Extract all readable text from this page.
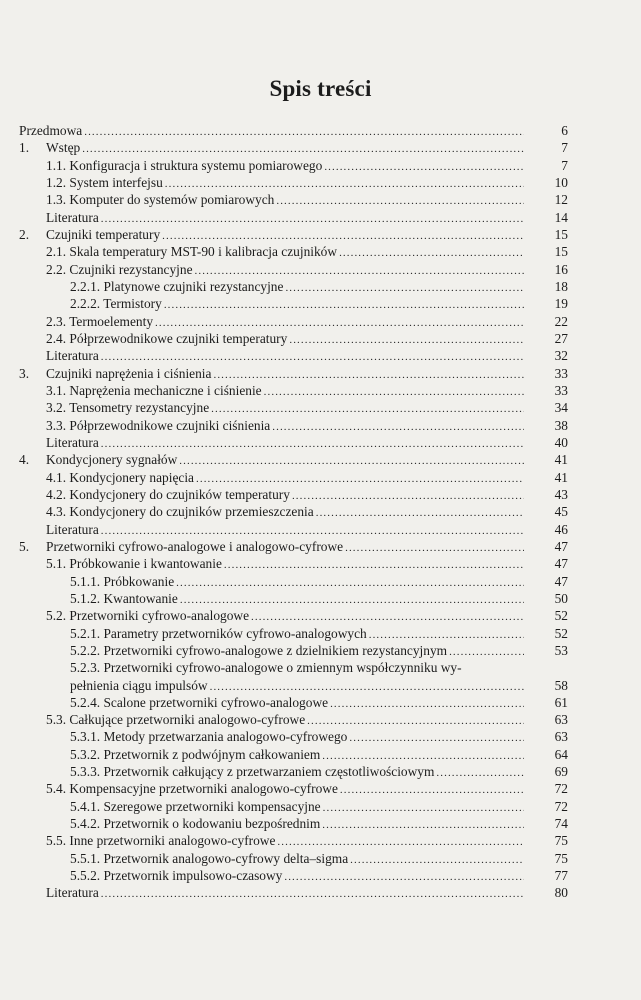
Spis treści
Przedmowa .....	6
1. Wstęp .....	7
1.1. Konfiguracja i struktura systemu pomiarowego .....	7
1.2. System interfejsu .....	10
1.3. Komputer do systemów pomiarowych .....	12
Literatura .....	14
2. Czujniki temperatury .....	15
2.1. Skala temperatury MST-90 i kalibracja czujników .....	15
2.2. Czujniki rezystancyjne .....	16
2.2.1. Platynowe czujniki rezystancyjne .....	18
2.2.2. Termistory .....	19
2.3. Termoelementy .....	22
2.4. Półprzewodnikowe czujniki temperatury .....	27
Literatura .....	32
3. Czujniki naprężenia i ciśnienia .....	33
3.1. Naprężenia mechaniczne i ciśnienie .....	33
3.2. Tensometry rezystancyjne .....	34
3.3. Półprzewodnikowe czujniki ciśnienia .....	38
Literatura .....	40
4. Kondycjonery sygnałów .....	41
4.1. Kondycjonery napięcia .....	41
4.2. Kondycjonery do czujników temperatury .....	43
4.3. Kondycjonery do czujników przemieszczenia .....	45
Literatura .....	46
5. Przetworniki cyfrowo-analogowe i analogowo-cyfrowe .....	47
5.1. Próbkowanie i kwantowanie .....	47
5.1.1. Próbkowanie .....	47
5.1.2. Kwantowanie .....	50
5.2. Przetworniki cyfrowo-analogowe .....	52
5.2.1. Parametry przetworników cyfrowo-analogowych .....	52
5.2.2. Przetworniki cyfrowo-analogowe z dzielnikiem rezystancyjnym .....	53
5.2.3. Przetworniki cyfrowo-analogowe o zmiennym współczynniku wy-
pełnienia ciągu impulsów .....	58
5.2.4. Scalone przetworniki cyfrowo-analogowe .....	61
5.3. Całkujące przetworniki analogowo-cyfrowe .....	63
5.3.1. Metody przetwarzania analogowo-cyfrowego .....	63
5.3.2. Przetwornik z podwójnym całkowaniem .....	64
5.3.3. Przetwornik całkujący z przetwarzaniem częstotliwościowym .....	69
5.4. Kompensacyjne przetworniki analogowo-cyfrowe .....	72
5.4.1. Szeregowe przetworniki kompensacyjne .....	72
5.4.2. Przetwornik o kodowaniu bezpośrednim .....	74
5.5. Inne przetworniki analogowo-cyfrowe .....	75
5.5.1. Przetwornik analogowo-cyfrowy delta–sigma .....	75
5.5.2. Przetwornik impulsowo-czasowy .....	77
Literatura .....	80
